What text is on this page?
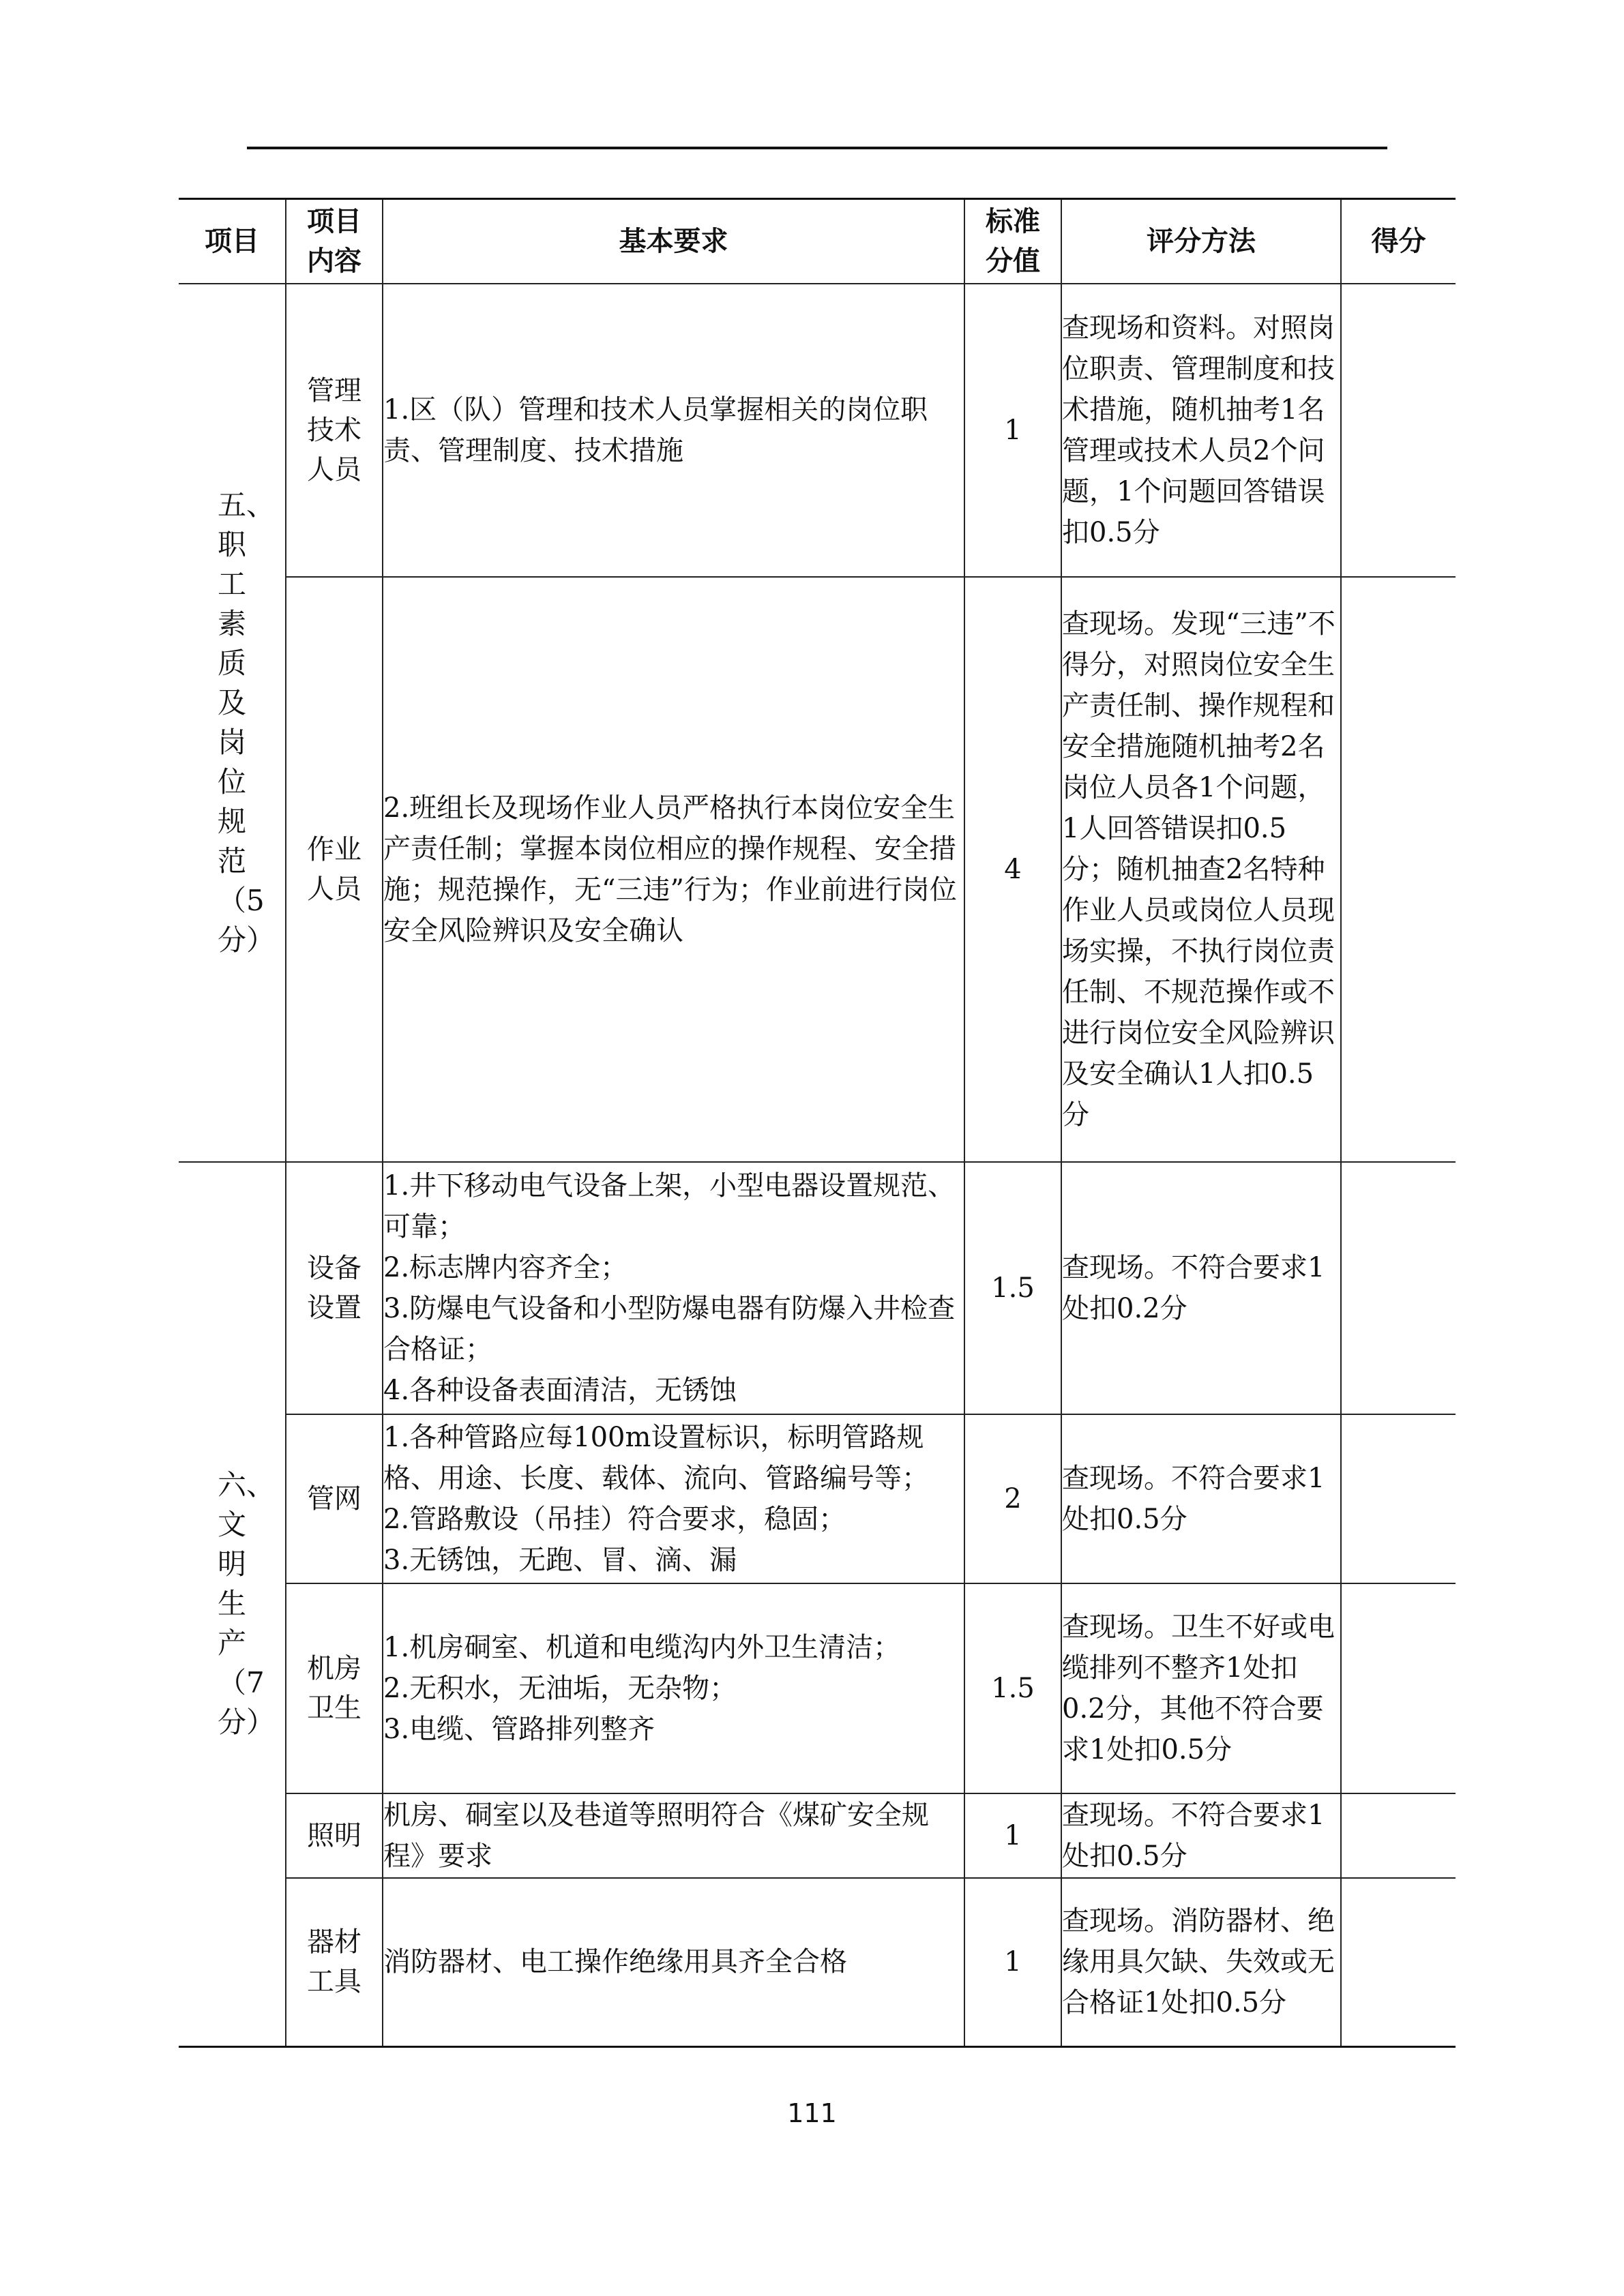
项目	项目内容	基本要求	标准分值	评分方法	得分

五、职工素质及岗位规范（5分）	管理技术人员	1.区（队）管理和技术人员掌握相关的岗位职责、管理制度、技术措施	1	查现场和资料。对照岗位职责、管理制度和技术措施，随机抽考1名管理或技术人员2个问题，1个问题回答错误扣0.5分	

	作业人员	2.班组长及现场作业人员严格执行本岗位安全生产责任制；掌握本岗位相应的操作规程、安全措施；规范操作，无“三违”行为；作业前进行岗位安全风险辨识及安全确认	4	查现场。发现“三违”不得分，对照岗位安全生产责任制、操作规程和安全措施随机抽考2名岗位人员各1个问题，1人回答错误扣0.5分；随机抽查2名特种作业人员或岗位人员现场实操，不执行岗位责任制、不规范操作或不进行岗位安全风险辨识及安全确认1人扣0.5分	

六、文明生产（7分）	设备设置	1.井下移动电气设备上架，小型电器设置规范、可靠；
2.标志牌内容齐全；
3.防爆电气设备和小型防爆电器有防爆入井检查合格证；
4.各种设备表面清洁，无锈蚀	1.5	查现场。不符合要求1处扣0.2分	

	管网	1.各种管路应每100m设置标识，标明管路规格、用途、长度、载体、流向、管路编号等；
2.管路敷设（吊挂）符合要求，稳固；
3.无锈蚀，无跑、冒、滴、漏	2	查现场。不符合要求1处扣0.5分	

	机房卫生	1.机房硐室、机道和电缆沟内外卫生清洁；
2.无积水，无油垢，无杂物；
3.电缆、管路排列整齐	1.5	查现场。卫生不好或电缆排列不整齐1处扣0.2分，其他不符合要求1处扣0.5分	

	照明	机房、硐室以及巷道等照明符合《煤矿安全规程》要求	1	查现场。不符合要求1处扣0.5分	

	器材工具	消防器材、电工操作绝缘用具齐全合格	1	查现场。消防器材、绝缘用具欠缺、失效或无合格证1处扣0.5分	
111
